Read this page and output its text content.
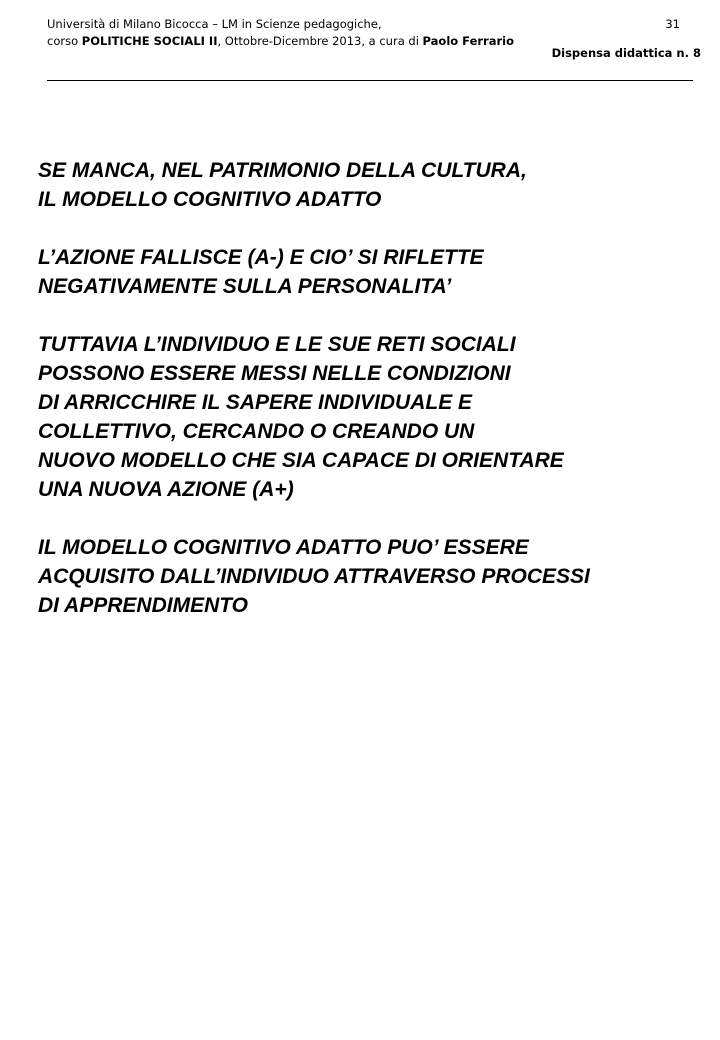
Università di Milano Bicocca – LM in Scienze pedagogiche,	31
corso POLITICHE SOCIALI II, Ottobre-Dicembre 2013, a cura di Paolo Ferrario
Dispensa didattica n. 8

SE MANCA, NEL PATRIMONIO DELLA CULTURA,
IL MODELLO COGNITIVO ADATTO

L’AZIONE FALLISCE (A-) E CIO’ SI RIFLETTE
NEGATIVAMENTE SULLA PERSONALITA’

TUTTAVIA L’INDIVIDUO E LE SUE RETI SOCIALI
POSSONO ESSERE MESSI NELLE CONDIZIONI
DI ARRICCHIRE IL SAPERE INDIVIDUALE E
COLLETTIVO, CERCANDO O CREANDO UN
NUOVO MODELLO CHE SIA CAPACE DI ORIENTARE
UNA NUOVA AZIONE (A+)

IL MODELLO COGNITIVO ADATTO PUO’ ESSERE
ACQUISITO DALL’INDIVIDUO ATTRAVERSO PROCESSI
DI APPRENDIMENTO
